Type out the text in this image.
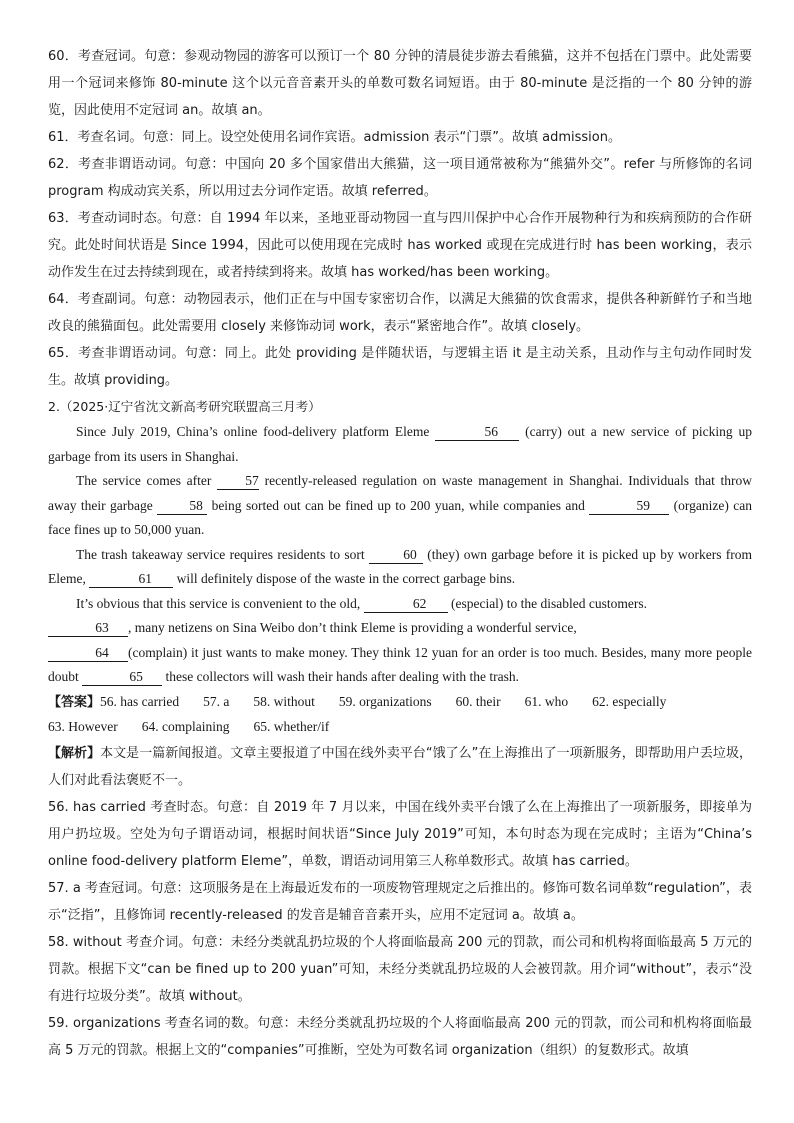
60．考查冠词。句意：参观动物园的游客可以预订一个 80 分钟的清晨徒步游去看熊猫，这并不包括在门票中。此处需要用一个冠词来修饰 80-minute 这个以元音音素开头的单数可数名词短语。由于 80-minute 是泛指的一个 80 分钟的游览，因此使用不定冠词 an。故填 an。

61．考查名词。句意：同上。设空处使用名词作宾语。admission 表示“门票”。故填 admission。

62．考查非谓语动词。句意：中国向 20 多个国家借出大熊猫，这一项目通常被称为“熊猫外交”。refer 与所修饰的名词 program 构成动宾关系，所以用过去分词作定语。故填 referred。

63．考查动词时态。句意：自 1994 年以来，圣地亚哥动物园一直与四川保护中心合作开展物种行为和疾病预防的合作研究。此处时间状语是 Since 1994，因此可以使用现在完成时 has worked 或现在完成进行时 has been working，表示动作发生在过去持续到现在，或者持续到将来。故填 has worked/has been working。

64．考查副词。句意：动物园表示，他们正在与中国专家密切合作，以满足大熊猫的饮食需求，提供各种新鲜竹子和当地改良的熊猫面包。此处需要用 closely 来修饰动词 work，表示“紧密地合作”。故填 closely。

65．考查非谓语动词。句意：同上。此处 providing 是伴随状语，与逻辑主语 it 是主动关系，且动作与主句动作同时发生。故填 providing。

2.（2025·辽宁省沈文新高考研究联盟高三月考）

Since July 2019, China’s online food-delivery platform Eleme	56 (carry) out a new service of picking up garbage from its users in Shanghai.

The service comes after	57 recently-released regulation on waste management in Shanghai. Individuals that throw away their garbage	58 being sorted out can be fined up to 200 yuan, while companies and	59 (organize) can face fines up to 50,000 yuan.

The trash takeaway service requires residents to sort	60 (they) own garbage before it is picked up by workers from Eleme,	61 will definitely dispose of the waste in the correct garbage bins.

It’s obvious that this service is convenient to the old,	62 (especial) to the disabled customers.
63 , many netizens on Sina Weibo don’t think Eleme is providing a wonderful service,
64 (complain) it just wants to make money. They think 12 yuan for an order is too much. Besides, many more people doubt	65 these collectors will wash their hands after dealing with the trash.

【答案】56. has carried 57. a 58. without 59. organizations 60. their 61. who 62. especially
63. However 64. complaining 65. whether/if

【解析】本文是一篇新闻报道。文章主要报道了中国在线外卖平台“饿了么”在上海推出了一项新服务，即帮助用户丢垃圾，人们对此看法褒贬不一。

56. has carried 考查时态。句意：自 2019 年 7 月以来，中国在线外卖平台饿了么在上海推出了一项新服务，即接单为用户扔垃圾。空处为句子谓语动词，根据时间状语“Since July 2019”可知，本句时态为现在完成时；主语为“China’s online food-delivery platform Eleme”，单数，谓语动词用第三人称单数形式。故填 has carried。

57. a 考查冠词。句意：这项服务是在上海最近发布的一项废物管理规定之后推出的。修饰可数名词单数“regulation”，表示“泛指”，且修饰词 recently-released 的发音是辅音音素开头，应用不定冠词 a。故填 a。

58. without 考查介词。句意：未经分类就乱扔垃圾的个人将面临最高 200 元的罚款，而公司和机构将面临最高 5 万元的罚款。根据下文“can be fined up to 200 yuan”可知，未经分类就乱扔垃圾的人会被罚款。用介词“without”，表示“没有进行垃圾分类”。故填 without。

59. organizations 考查名词的数。句意：未经分类就乱扔垃圾的个人将面临最高 200 元的罚款，而公司和机构将面临最高 5 万元的罚款。根据上文的“companies”可推断，空处为可数名词 organization（组织）的复数形式。故填
